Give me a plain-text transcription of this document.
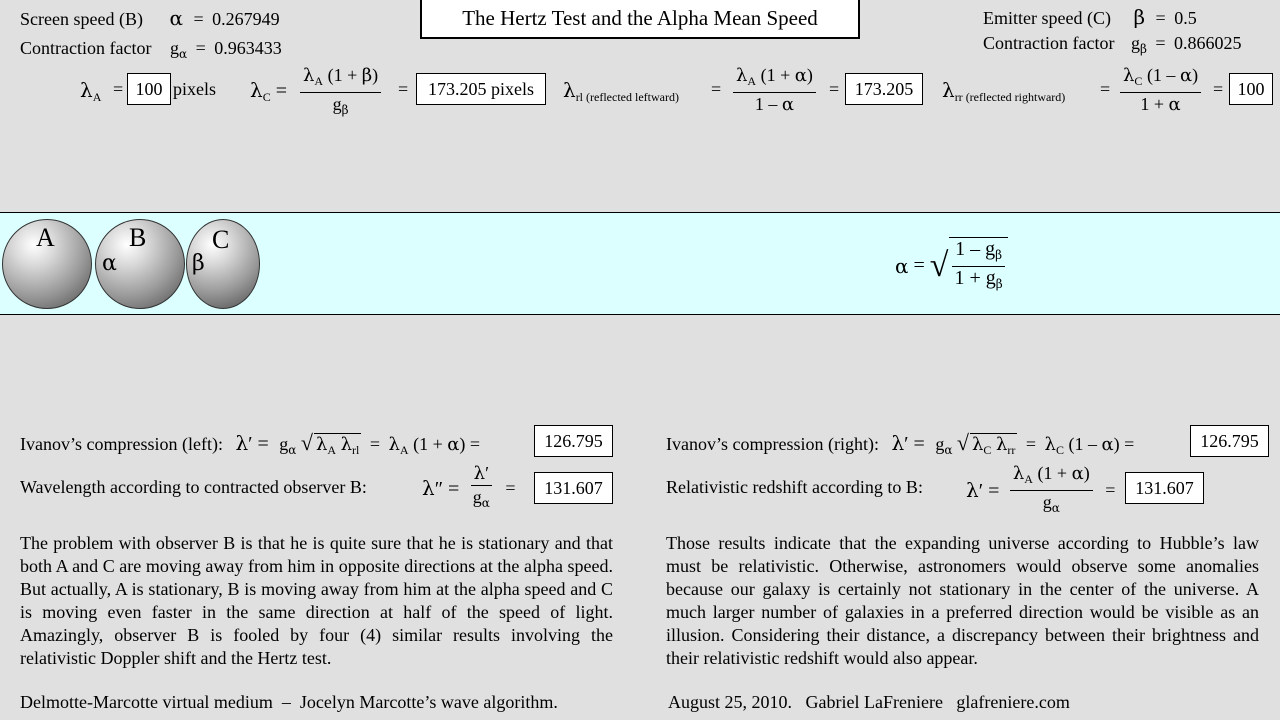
The Hertz Test and the Alpha Mean Speed
Screen speed (B) α = 0.267949
Contraction factor $g_\alpha = 0.963433$
Emitter speed (C) β = 0.5
Contraction factor $g_\beta = 0.866025$
$\lambda_A = 100$ pixels $\lambda_C = \frac{\lambda_A (1 + \beta)}{g_\beta}$ =	173.205 pixels	$\lambda_{rl (reflected leftward)} = \frac{\lambda_A (1 + \alpha)}{1 - \alpha} = 173.205$	$\lambda_{rr (reflected rightward)} = \frac{\lambda_C (1 - \alpha)}{1 + \alpha} = 100$
A	B	C
α	β	α = √ $\frac{1 - g_\beta}{1 + g_\beta}$
Ivanov’s compression (left): $\lambda' = g_\alpha$ √ $\lambda_A$ $\lambda_{rl} = \lambda_A$ (1 + α) =	126.795
Wavelength according to contracted observer B:	$\lambda'' = \frac{\lambda'}{g_\alpha}$ =	131.607
Ivanov’s compression (right): $\lambda' = g_\alpha$ √ $\lambda_C$ $\lambda_{rr} = \lambda_C$ (1 – α) =	126.795
Relativistic redshift according to B: $\lambda' = \frac{\lambda_A (1 + \alpha)}{g_\alpha}$ =	131.607
The problem with observer B is that he is quite sure that he is stationary and that both A and C are moving away from him in opposite directions at the alpha speed. But actually, A is stationary, B is moving away from him at the alpha speed and C is moving even faster in the same direction at half of the speed of light. Amazingly, observer B is fooled by four (4) similar results involving the relativistic Doppler shift and the Hertz test.
Those results indicate that the expanding universe according to Hubble’s law must be relativistic. Otherwise, astronomers would observe some anomalies because our galaxy is certainly not stationary in the center of the universe. A much larger number of galaxies in a preferred direction would be visible as an illusion. Considering their distance, a discrepancy between their brightness and their relativistic redshift would also appear.
Delmotte-Marcotte virtual medium  –  Jocelyn Marcotte’s wave algorithm.	August 25, 2010.   Gabriel LaFreniere   glafreniere.com
